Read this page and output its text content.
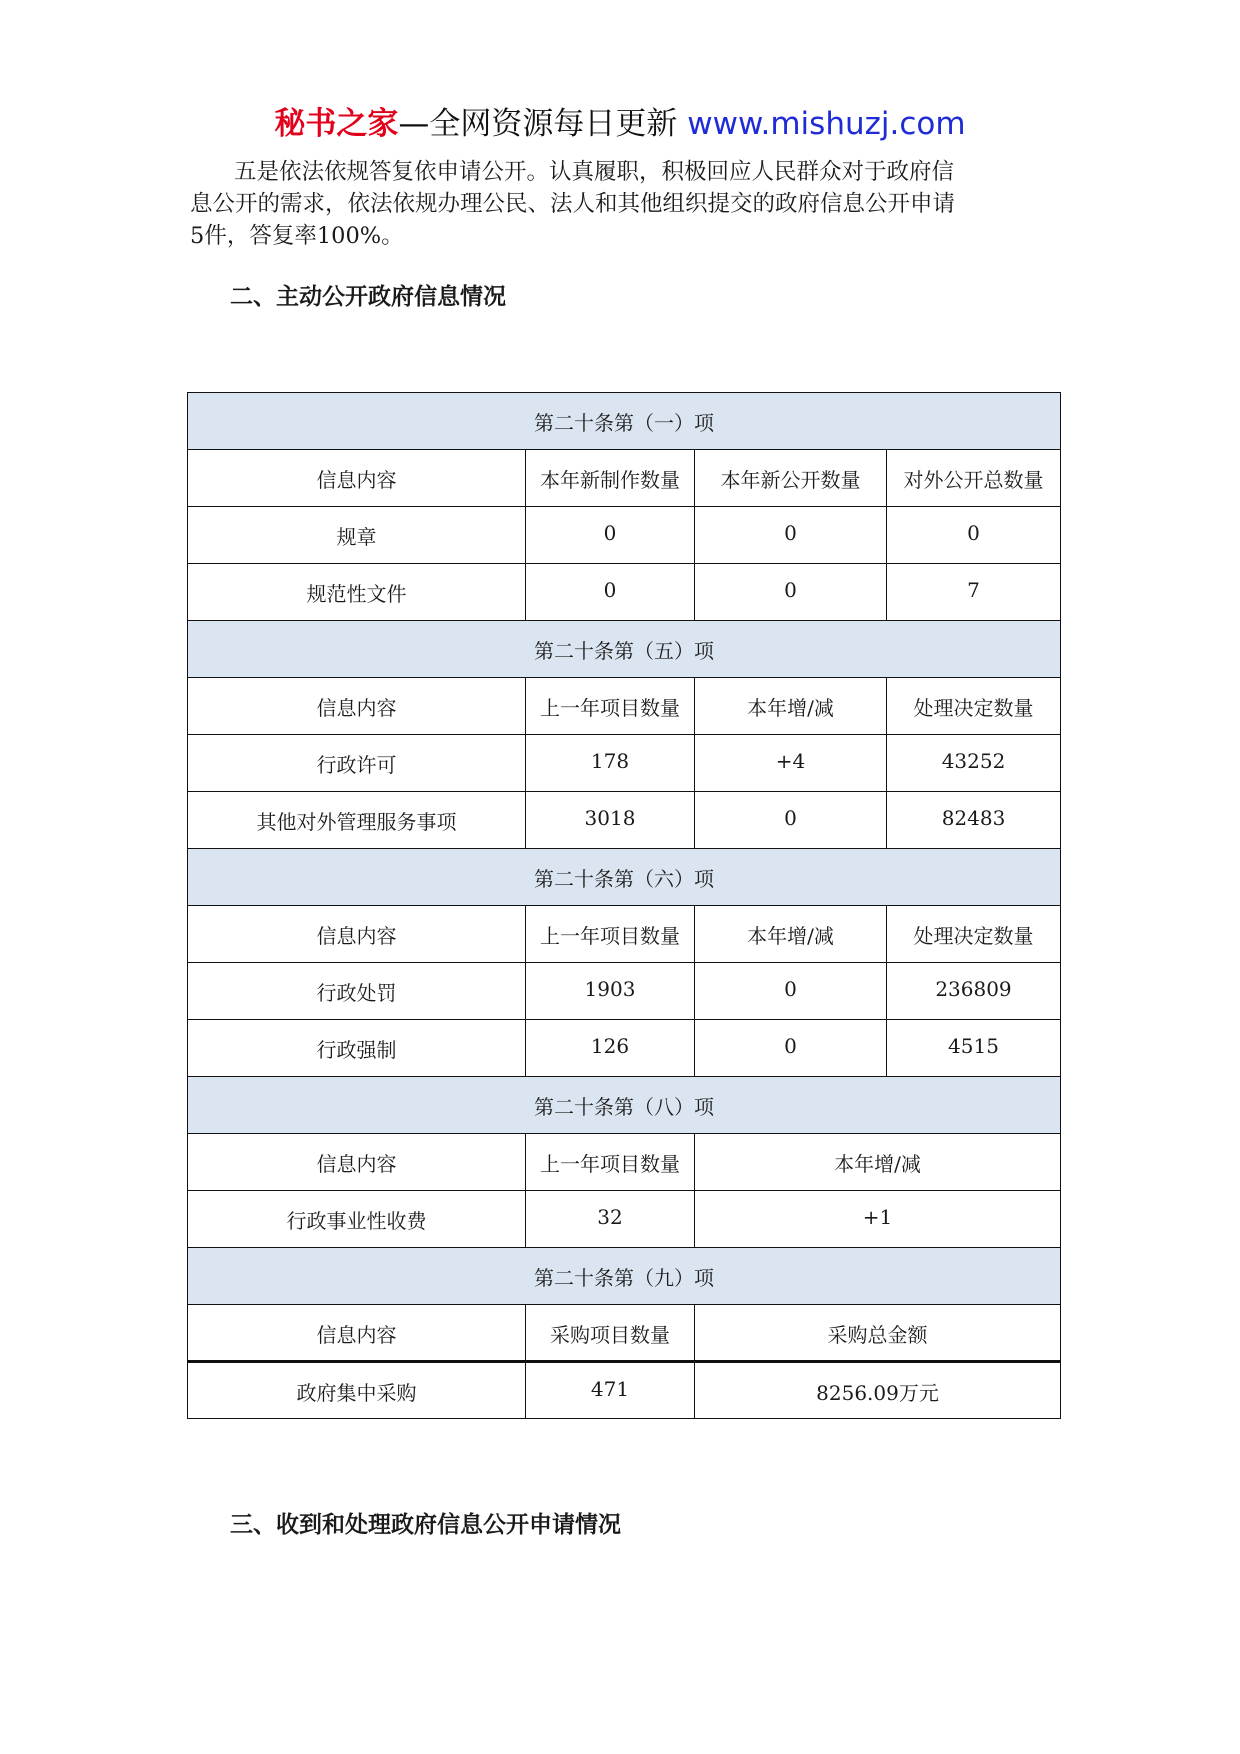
秘书之家—全网资源每日更新 www.mishuzj.com
五是依法依规答复依申请公开。认真履职，积极回应人民群众对于政府信
息公开的需求，依法依规办理公民、法人和其他组织提交的政府信息公开申请
5件，答复率100%。
二、主动公开政府信息情况
第二十条第（一）项			
信息内容	本年新制作数量	本年新公开数量	对外公开总数量
规章	0	0	0
规范性文件	0	0	7
第二十条第（五）项			
信息内容	上一年项目数量	本年增/减	处理决定数量
行政许可	178	+4	43252
其他对外管理服务事项	3018	0	82483
第二十条第（六）项			
信息内容	上一年项目数量	本年增/减	处理决定数量
行政处罚	1903	0	236809
行政强制	126	0	4515
第二十条第（八）项			
信息内容	上一年项目数量	本年增/减	
行政事业性收费	32	+1	
第二十条第（九）项			
信息内容	采购项目数量	采购总金额	
政府集中采购	471	8256.09万元	
三、收到和处理政府信息公开申请情况
